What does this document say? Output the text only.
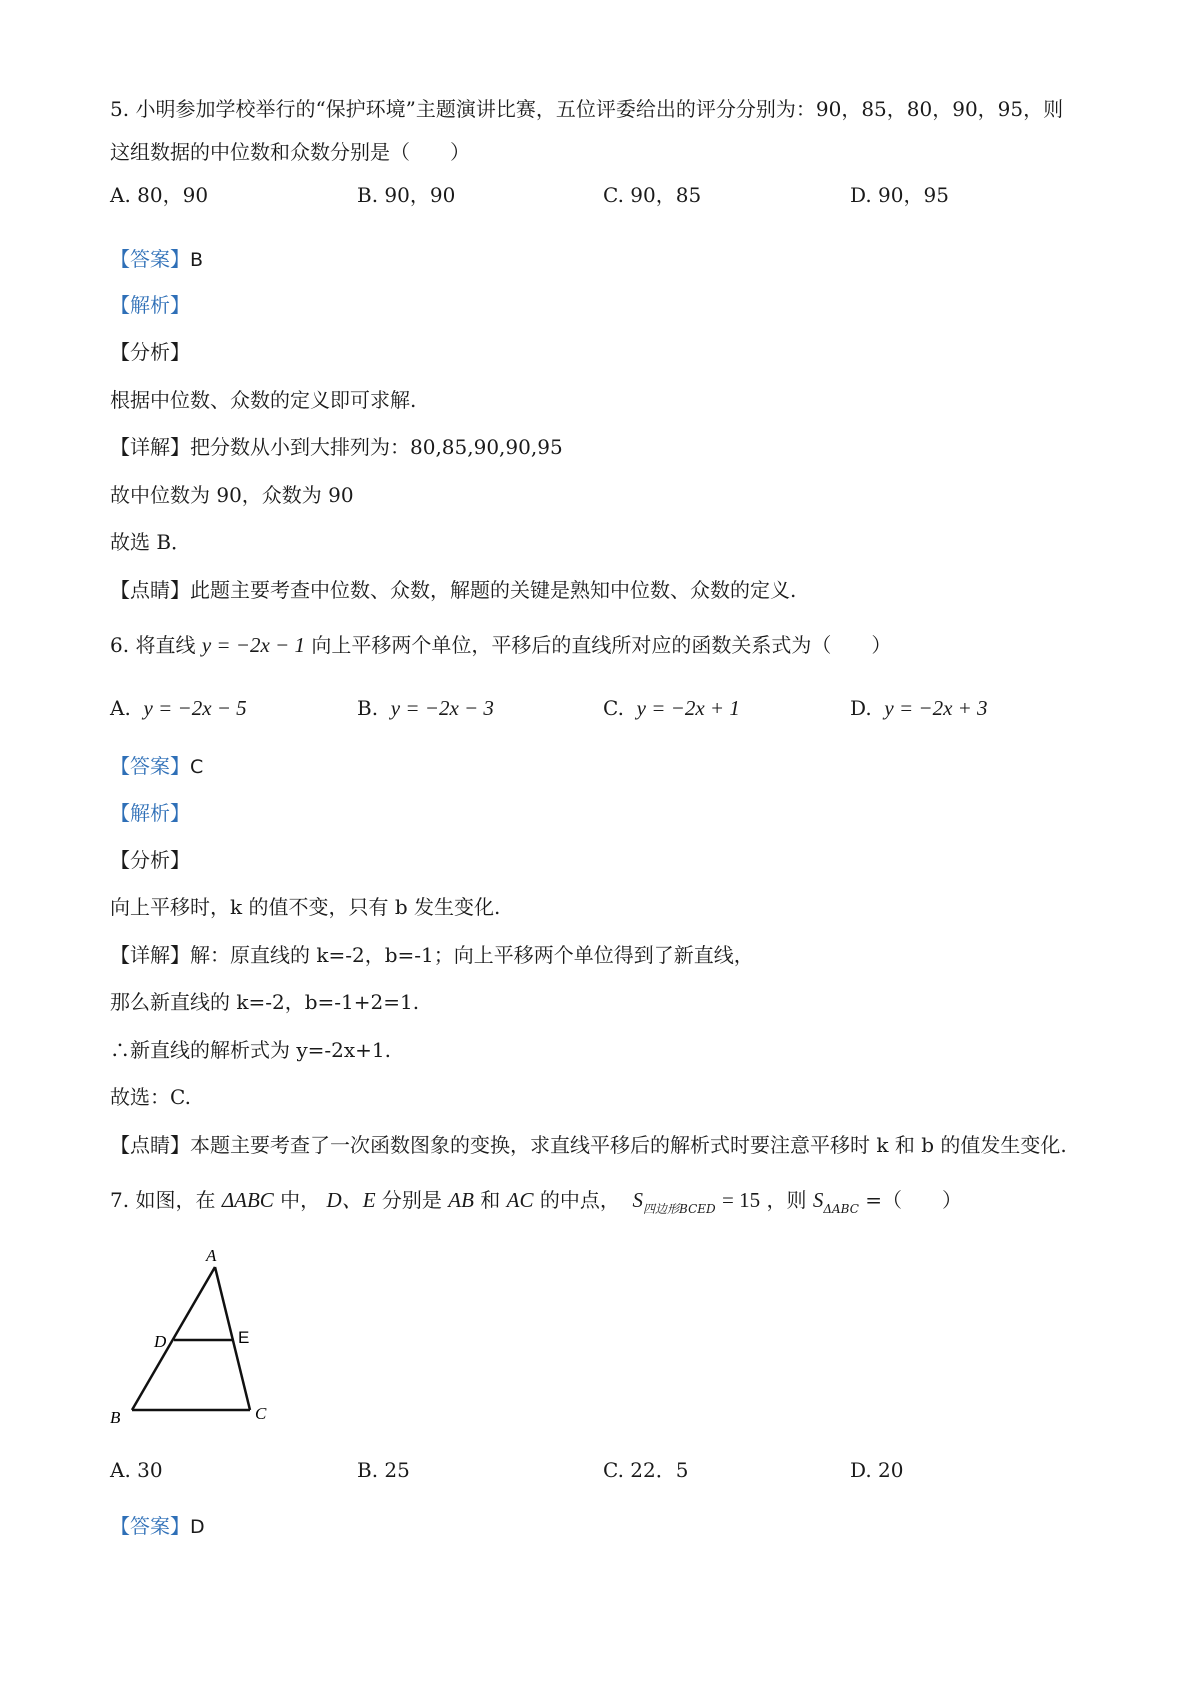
5. 小明参加学校举行的“保护环境”主题演讲比赛，五位评委给出的评分分别为：90，85，80，90，95，则
这组数据的中位数和众数分别是（　　）
A. 80，90	B. 90，90	C. 90，85	D. 90，95
【答案】B
【解析】
【分析】
根据中位数、众数的定义即可求解.
【详解】把分数从小到大排列为：80,85,90,90,95
故中位数为 90，众数为 90
故选 B．
【点睛】此题主要考查中位数、众数，解题的关键是熟知中位数、众数的定义.
6. 将直线 y = −2x − 1 向上平移两个单位，平移后的直线所对应的函数关系式为（　　）
A. y = −2x − 5	B. y = −2x − 3	C. y = −2x + 1	D. y = −2x + 3
【答案】C
【解析】
【分析】
向上平移时，k 的值不变，只有 b 发生变化.
【详解】解：原直线的 k=-2，b=-1；向上平移两个单位得到了新直线，
那么新直线的 k=-2，b=-1+2=1.
∴新直线的解析式为 y=-2x+1.
故选：C.
【点睛】本题主要考查了一次函数图象的变换，求直线平移后的解析式时要注意平移时 k 和 b 的值发生变化.
7. 如图，在 ΔABC 中， D、E 分别是 AB 和 AC 的中点， $S_{四边形BCED} = 15$ ，则 $S_{\Delta ABC}$ =（　　）
A
D	E
B	C
A. 30	B. 25	C. 22．5	D. 20
【答案】D
